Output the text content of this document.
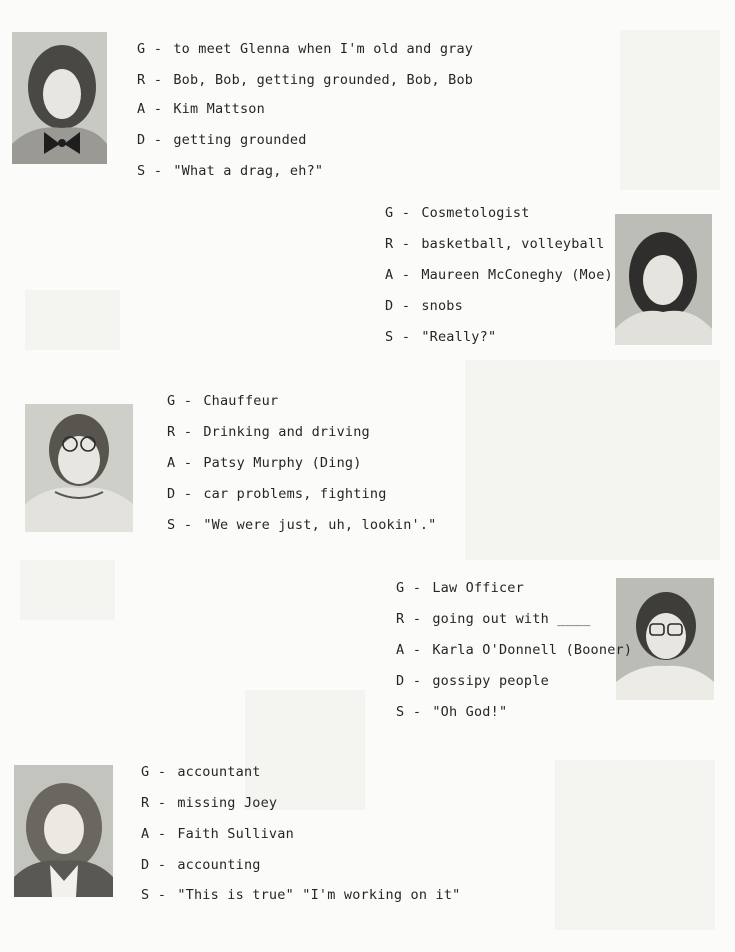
G - to meet Glenna when I'm old and gray
R - Bob, Bob, getting grounded, Bob, Bob
A - Kim Mattson
D - getting grounded
S - "What a drag, eh?"
G - Cosmetologist
R - basketball, volleyball
A - Maureen McConeghy (Moe)
D - snobs
S - "Really?"
G - Chauffeur
R - Drinking and driving
A - Patsy Murphy (Ding)
D - car problems, fighting
S - "We were just, uh, lookin'."
G - Law Officer
R - going out with ____
A - Karla O'Donnell (Booner)
D - gossipy people
S - "Oh God!"
G - accountant
R - missing Joey
A - Faith Sullivan
D - accounting
S - "This is true" "I'm working on it"
